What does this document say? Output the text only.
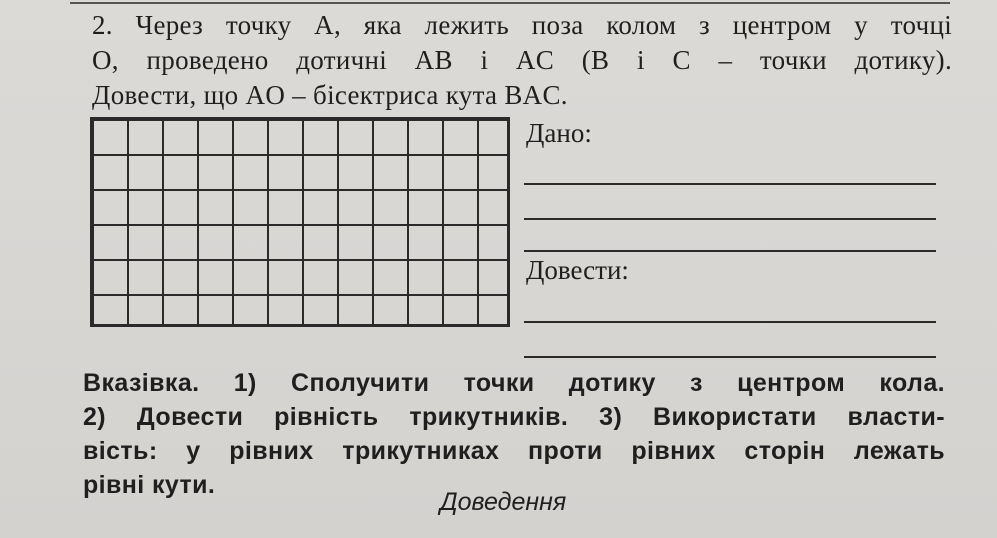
2. Через точку A, яка лежить поза колом з центром у точці

O, проведено дотичні AB і AC (B і C – точки дотику).

Довести, що AO – бісектриса кута BAC.

Дано:
Довести:

Вказівка. 1) Сполучити точки дотику з центром кола.

2) Довести рівність трикутників. 3) Використати власти-

вість: у рівних трикутниках проти рівних сторін лежать

рівні кути.

Доведення
